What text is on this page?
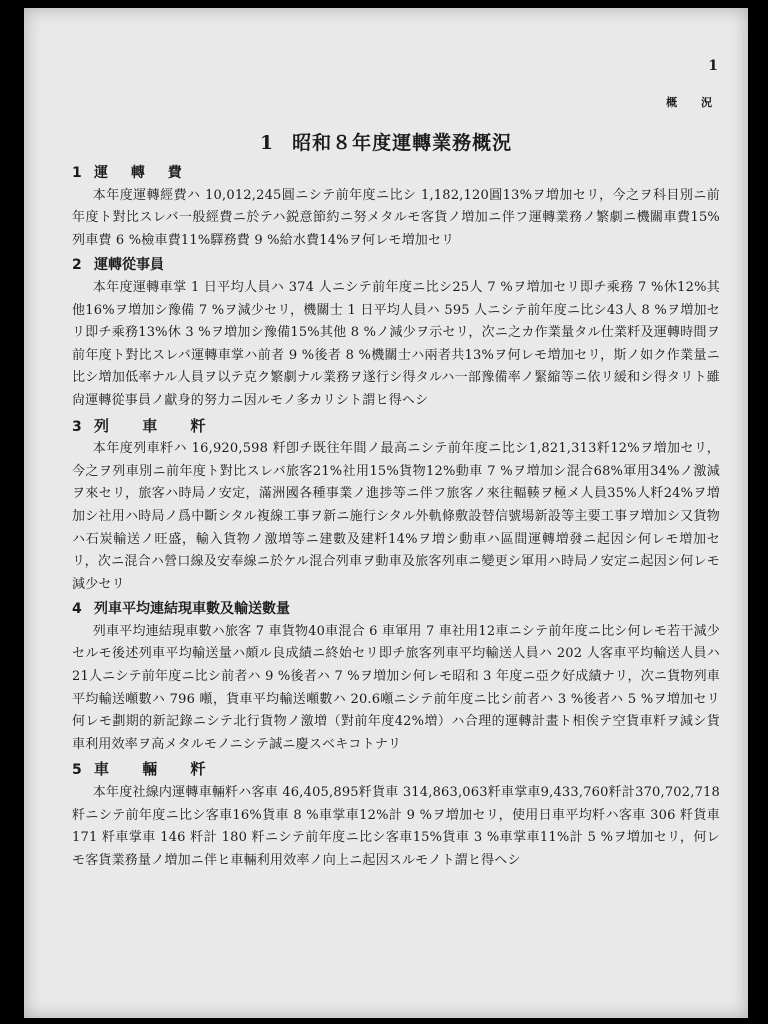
1
概 況
1 昭和８年度運轉業務概況
1 運 轉 費

本年度運轉經費ハ 10,012,245圓ニシテ前年度ニ比シ 1,182,120圓13%ヲ増加セリ，今之ヲ科目別ニ前年度ト對比スレバ一般經費ニ於テハ鋭意節約ニ努メタルモ客貨ノ増加ニ伴フ運轉業務ノ繁劇ニ機關車費15%列車費 6 %檢車費11%驛務費 9 %給水費14%ヲ何レモ増加セリ

2 運轉從事員

本年度運轉車掌 1 日平均人員ハ 374 人ニシテ前年度ニ比シ25人 7 %ヲ増加セリ即チ乘務 7 %休12%其他16%ヲ増加シ豫備 7 %ヲ減少セリ，機關士 1 日平均人員ハ 595 人ニシテ前年度ニ比シ43人 8 %ヲ増加セリ即チ乘務13%休 3 %ヲ増加シ豫備15%其他 8 %ノ減少ヲ示セリ，次ニ之カ作業量タル仕業粁及運轉時間ヲ前年度ト對比スレバ運轉車掌ハ前者 9 %後者 8 %機關士ハ兩者共13%ヲ何レモ増加セリ，斯ノ如ク作業量ニ比シ増加低率ナル人員ヲ以テ克ク繁劇ナル業務ヲ遂行シ得タルハ一部豫備率ノ緊縮等ニ依リ緩和シ得タリト雖尙運轉從事員ノ獻身的努力ニ因ルモノ多カリシト謂ヒ得ヘシ

3 列 車 粁

本年度列車粁ハ 16,920,598 粁卽チ既往年間ノ最高ニシテ前年度ニ比シ1,821,313粁12%ヲ増加セリ，今之ヲ列車別ニ前年度ト對比スレバ旅客21%社用15%貨物12%動車 7 %ヲ増加シ混合68%軍用34%ノ激減ヲ來セリ，旅客ハ時局ノ安定，滿洲國各種事業ノ進捗等ニ伴フ旅客ノ來往輻輳ヲ極メ人員35%人粁24%ヲ増加シ社用ハ時局ノ爲中斷シタル複線工事ヲ新ニ施行シタル外軌條敷設替信號場新設等主要工事ヲ増加シ又貨物ハ石炭輸送ノ旺盛，輸入貨物ノ激増等ニ建數及建粁14%ヲ増シ動車ハ區間運轉増發ニ起因シ何レモ増加セリ，次ニ混合ハ營口線及安奉線ニ於ケル混合列車ヲ動車及旅客列車ニ變更シ軍用ハ時局ノ安定ニ起因シ何レモ減少セリ

4 列車平均連結現車數及輸送數量

列車平均連結現車數ハ旅客 7 車貨物40車混合 6 車軍用 7 車社用12車ニシテ前年度ニ比シ何レモ若干減少セルモ後述列車平均輸送量ハ頗ル良成績ニ終始セリ即チ旅客列車平均輸送人員ハ 202 人客車平均輸送人員ハ21人ニシテ前年度ニ比シ前者ハ 9 %後者ハ 7 %ヲ増加シ何レモ昭和 3 年度ニ亞ク好成績ナリ，次ニ貨物列車平均輸送噸數ハ 796 噸，貨車平均輸送噸數ハ 20.6噸ニシテ前年度ニ比シ前者ハ 3 %後者ハ 5 %ヲ増加セリ何レモ劃期的新記錄ニシテ北行貨物ノ激増（對前年度42%増）ハ合理的運轉計畫ト相俟テ空貨車粁ヲ減シ貨車利用效率ヲ高メタルモノニシテ誠ニ慶スベキコトナリ

5 車 輛 粁

本年度社線内運轉車輛粁ハ客車 46,405,895粁貨車 314,863,063粁車掌車9,433,760粁計370,702,718粁ニシテ前年度ニ比シ客車16%貨車 8 %車掌車12%計 9 %ヲ増加セリ，使用日車平均粁ハ客車 306 粁貨車 171 粁車掌車 146 粁計 180 粁ニシテ前年度ニ比シ客車15%貨車 3 %車掌車11%計 5 %ヲ増加セリ，何レモ客貨業務量ノ増加ニ伴ヒ車輛利用效率ノ向上ニ起因スルモノト謂ヒ得ヘシ
